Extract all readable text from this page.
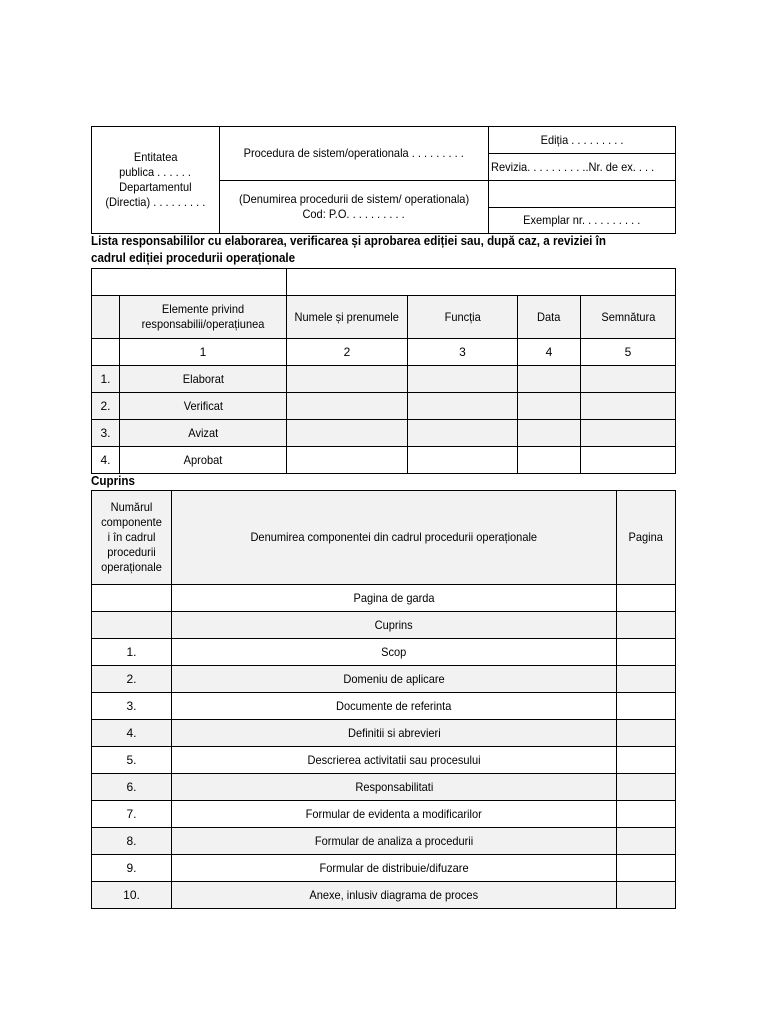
Entitatea
publica . . . . . .
Departamentul
(Directia) . . . . . . . . .	Procedura de sistem/operationala . . . . . . . . .	Ediția . . . . . . . . .
		Revizia. . . . . . . . . ..Nr. de ex. . . .
	(Denumirea procedurii de sistem/ operationala)
Cod: P.O. . . . . . . . . .	
		Exemplar nr. . . . . . . . . .
Lista responsabililor cu elaborarea, verificarea și aprobarea ediției sau, după caz, a reviziei în
cadrul ediției procedurii operaționale

	Elemente privind responsabilii/operațiunea	Numele și prenumele	Funcția	Data	Semnătura
	1	2	3	4	5
1.	Elaborat				
2.	Verificat				
3.	Avizat				
4.	Aprobat				
Cuprins
Numărul componente i în cadrul procedurii operaționale	Denumirea componentei din cadrul procedurii operaționale	Pagina
	Pagina de garda	
	Cuprins	
1.	Scop	
2.	Domeniu de aplicare	
3.	Documente de referinta	
4.	Definitii si abrevieri	
5.	Descrierea activitatii sau procesului	
6.	Responsabilitati	
7.	Formular de evidenta a modificarilor	
8.	Formular de analiza a procedurii	
9.	Formular de distribuie/difuzare	
10.	Anexe, inlusiv diagrama de proces	
